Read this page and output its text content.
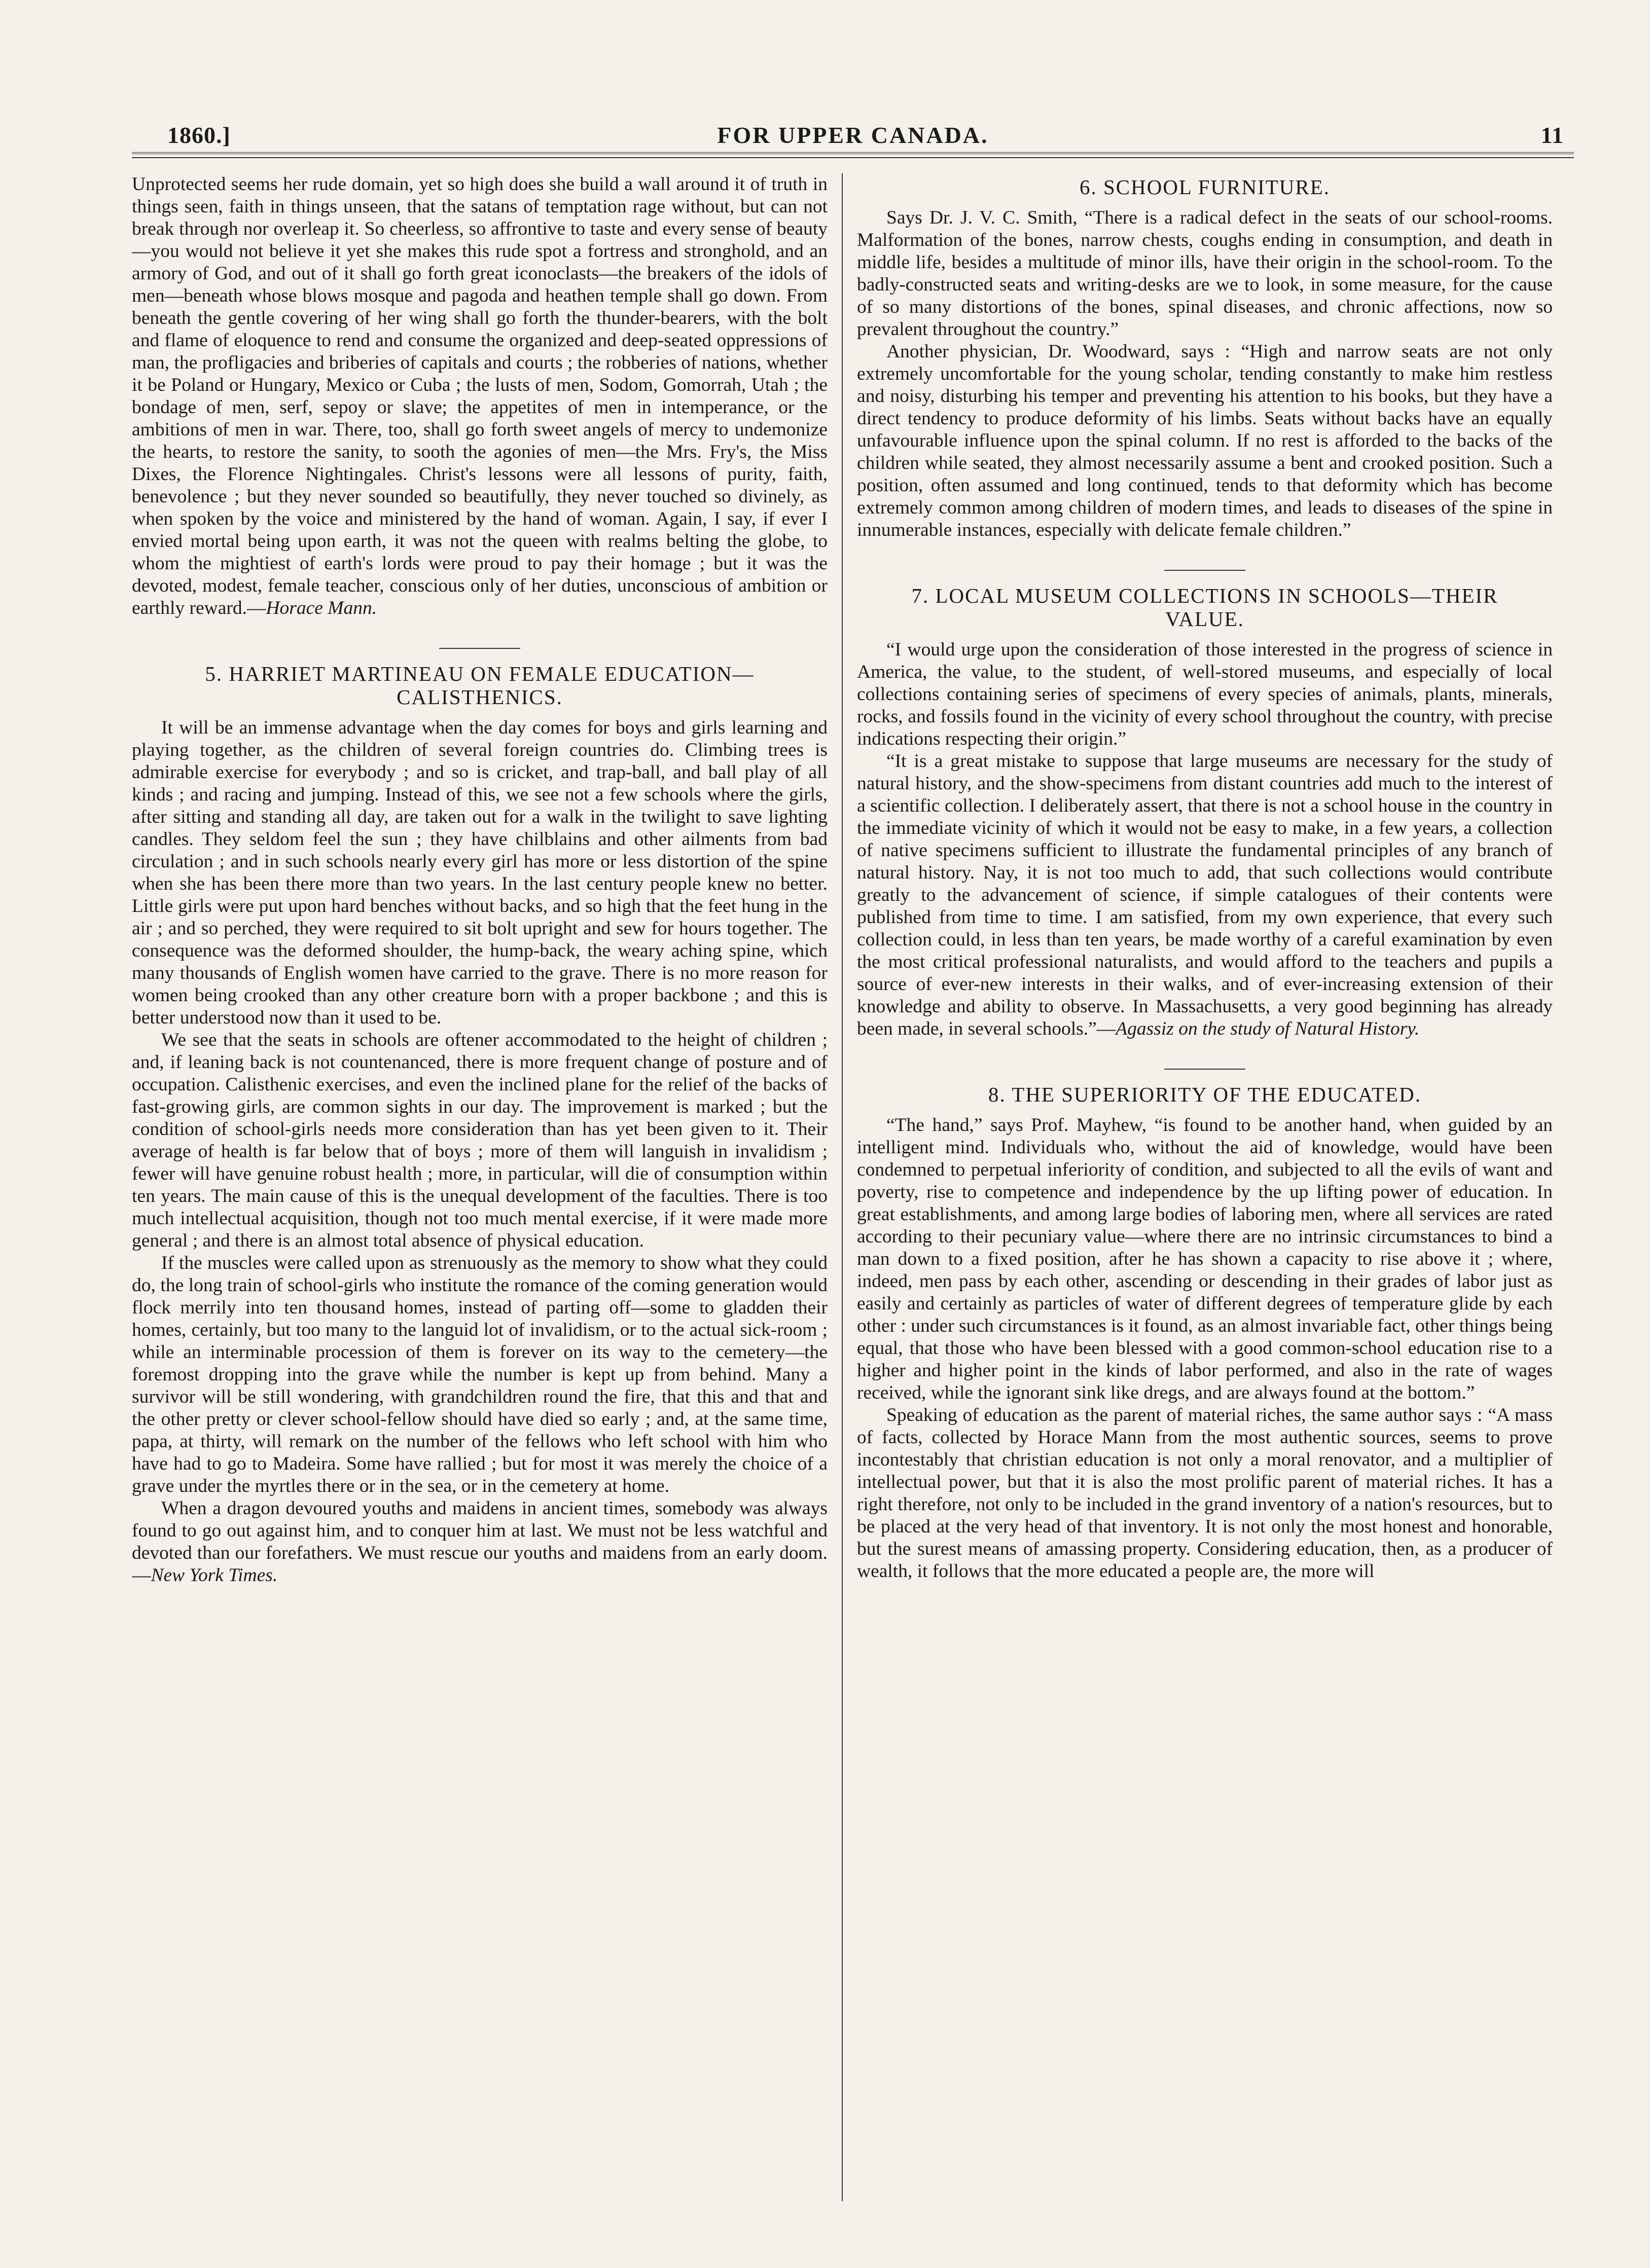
1860.]	FOR UPPER CANADA.	11

Unprotected seems her rude domain, yet so high does she build a wall around it of truth in things seen, faith in things unseen, that the satans of temptation rage without, but can not break through nor overleap it. So cheerless, so affrontive to taste and every sense of beauty—you would not believe it yet she makes this rude spot a fortress and stronghold, and an armory of God, and out of it shall go forth great iconoclasts—the breakers of the idols of men—beneath whose blows mosque and pagoda and heathen temple shall go down. From beneath the gentle covering of her wing shall go forth the thunder-bearers, with the bolt and flame of eloquence to rend and consume the organized and deep-seated oppressions of man, the profligacies and briberies of capitals and courts ; the robberies of nations, whether it be Poland or Hungary, Mexico or Cuba ; the lusts of men, Sodom, Gomorrah, Utah ; the bondage of men, serf, sepoy or slave; the appetites of men in intemperance, or the ambitions of men in war. There, too, shall go forth sweet angels of mercy to undemonize the hearts, to restore the sanity, to sooth the agonies of men—the Mrs. Fry's, the Miss Dixes, the Florence Nightingales. Christ's lessons were all lessons of purity, faith, benevolence ; but they never sounded so beautifully, they never touched so divinely, as when spoken by the voice and ministered by the hand of woman. Again, I say, if ever I envied mortal being upon earth, it was not the queen with realms belting the globe, to whom the mightiest of earth's lords were proud to pay their homage ; but it was the devoted, modest, female teacher, conscious only of her duties, unconscious of ambition or earthly reward.—Horace Mann.

5. HARRIET MARTINEAU ON FEMALE EDUCATION—CALISTHENICS.

It will be an immense advantage when the day comes for boys and girls learning and playing together, as the children of several foreign countries do. Climbing trees is admirable exercise for everybody ; and so is cricket, and trap-ball, and ball play of all kinds ; and racing and jumping. Instead of this, we see not a few schools where the girls, after sitting and standing all day, are taken out for a walk in the twilight to save lighting candles. They seldom feel the sun ; they have chilblains and other ailments from bad circulation ; and in such schools nearly every girl has more or less distortion of the spine when she has been there more than two years. In the last century people knew no better. Little girls were put upon hard benches without backs, and so high that the feet hung in the air ; and so perched, they were required to sit bolt upright and sew for hours together. The consequence was the deformed shoulder, the hump-back, the weary aching spine, which many thousands of English women have carried to the grave. There is no more reason for women being crooked than any other creature born with a proper backbone ; and this is better understood now than it used to be.

We see that the seats in schools are oftener accommodated to the height of children ; and, if leaning back is not countenanced, there is more frequent change of posture and of occupation. Calisthenic exercises, and even the inclined plane for the relief of the backs of fast-growing girls, are common sights in our day. The improvement is marked ; but the condition of school-girls needs more consideration than has yet been given to it. Their average of health is far below that of boys ; more of them will languish in invalidism ; fewer will have genuine robust health ; more, in particular, will die of consumption within ten years. The main cause of this is the unequal development of the faculties. There is too much intellectual acquisition, though not too much mental exercise, if it were made more general ; and there is an almost total absence of physical education.

If the muscles were called upon as strenuously as the memory to show what they could do, the long train of school-girls who institute the romance of the coming generation would flock merrily into ten thousand homes, instead of parting off—some to gladden their homes, certainly, but too many to the languid lot of invalidism, or to the actual sick-room ; while an interminable procession of them is forever on its way to the cemetery—the foremost dropping into the grave while the number is kept up from behind. Many a survivor will be still wondering, with grandchildren round the fire, that this and that and the other pretty or clever school-fellow should have died so early ; and, at the same time, papa, at thirty, will remark on the number of the fellows who left school with him who have had to go to Madeira. Some have rallied ; but for most it was merely the choice of a grave under the myrtles there or in the sea, or in the cemetery at home.

When a dragon devoured youths and maidens in ancient times, somebody was always found to go out against him, and to conquer him at last. We must not be less watchful and devoted than our forefathers. We must rescue our youths and maidens from an early doom.—New York Times.

6. SCHOOL FURNITURE.

Says Dr. J. V. C. Smith, “There is a radical defect in the seats of our school-rooms. Malformation of the bones, narrow chests, coughs ending in consumption, and death in middle life, besides a multitude of minor ills, have their origin in the school-room. To the badly-constructed seats and writing-desks are we to look, in some measure, for the cause of so many distortions of the bones, spinal diseases, and chronic affections, now so prevalent throughout the country.”

Another physician, Dr. Woodward, says : “High and narrow seats are not only extremely uncomfortable for the young scholar, tending constantly to make him restless and noisy, disturbing his temper and preventing his attention to his books, but they have a direct tendency to produce deformity of his limbs. Seats without backs have an equally unfavourable influence upon the spinal column. If no rest is afforded to the backs of the children while seated, they almost necessarily assume a bent and crooked position. Such a position, often assumed and long continued, tends to that deformity which has become extremely common among children of modern times, and leads to diseases of the spine in innumerable instances, especially with delicate female children.”

7. LOCAL MUSEUM COLLECTIONS IN SCHOOLS—THEIR VALUE.

“I would urge upon the consideration of those interested in the progress of science in America, the value, to the student, of well-stored museums, and especially of local collections containing series of specimens of every species of animals, plants, minerals, rocks, and fossils found in the vicinity of every school throughout the country, with precise indications respecting their origin.”

“It is a great mistake to suppose that large museums are necessary for the study of natural history, and the show-specimens from distant countries add much to the interest of a scientific collection. I deliberately assert, that there is not a school house in the country in the immediate vicinity of which it would not be easy to make, in a few years, a collection of native specimens sufficient to illustrate the fundamental principles of any branch of natural history. Nay, it is not too much to add, that such collections would contribute greatly to the advancement of science, if simple catalogues of their contents were published from time to time. I am satisfied, from my own experience, that every such collection could, in less than ten years, be made worthy of a careful examination by even the most critical professional naturalists, and would afford to the teachers and pupils a source of ever-new interests in their walks, and of ever-increasing extension of their knowledge and ability to observe. In Massachusetts, a very good beginning has already been made, in several schools.”—Agassiz on the study of Natural History.

8. THE SUPERIORITY OF THE EDUCATED.

“The hand,” says Prof. Mayhew, “is found to be another hand, when guided by an intelligent mind. Individuals who, without the aid of knowledge, would have been condemned to perpetual inferiority of condition, and subjected to all the evils of want and poverty, rise to competence and independence by the up lifting power of education. In great establishments, and among large bodies of laboring men, where all services are rated according to their pecuniary value—where there are no intrinsic circumstances to bind a man down to a fixed position, after he has shown a capacity to rise above it ; where, indeed, men pass by each other, ascending or descending in their grades of labor just as easily and certainly as particles of water of different degrees of temperature glide by each other : under such circumstances is it found, as an almost invariable fact, other things being equal, that those who have been blessed with a good common-school education rise to a higher and higher point in the kinds of labor performed, and also in the rate of wages received, while the ignorant sink like dregs, and are always found at the bottom.”

Speaking of education as the parent of material riches, the same author says : “A mass of facts, collected by Horace Mann from the most authentic sources, seems to prove incontestably that christian education is not only a moral renovator, and a multiplier of intellectual power, but that it is also the most prolific parent of material riches. It has a right therefore, not only to be included in the grand inventory of a nation's resources, but to be placed at the very head of that inventory. It is not only the most honest and honorable, but the surest means of amassing property. Considering education, then, as a producer of wealth, it follows that the more educated a people are, the more will
